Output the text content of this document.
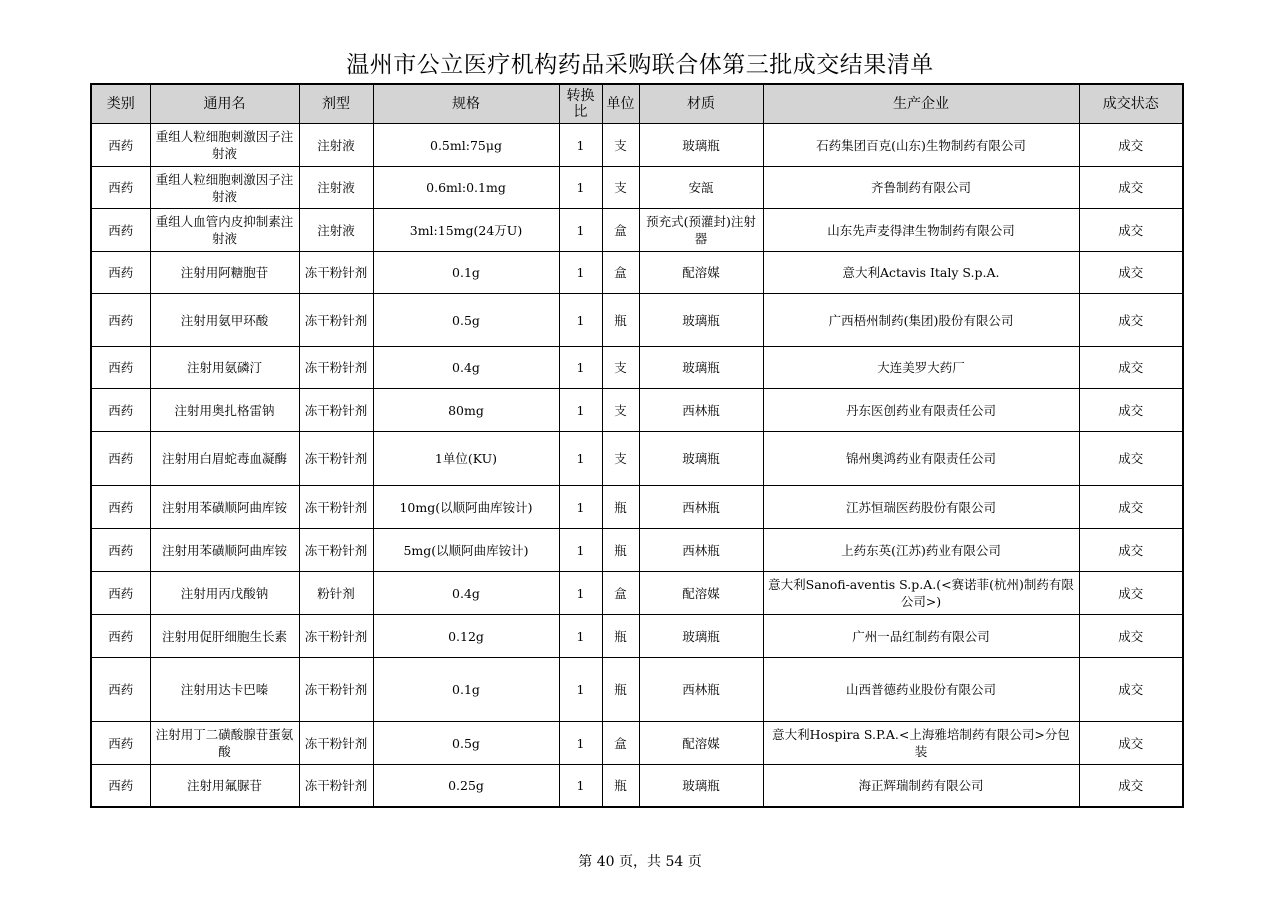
温州市公立医疗机构药品采购联合体第三批成交结果清单
类别	通用名	剂型	规格	转换比	单位	材质	生产企业	成交状态
西药	重组人粒细胞刺激因子注射液	注射液	0.5ml:75μg	1	支	玻璃瓶	石药集团百克(山东)生物制药有限公司	成交
西药	重组人粒细胞刺激因子注射液	注射液	0.6ml:0.1mg	1	支	安瓿	齐鲁制药有限公司	成交
西药	重组人血管内皮抑制素注射液	注射液	3ml:15mg(24万U)	1	盒	预充式(预灌封)注射器	山东先声麦得津生物制药有限公司	成交
西药	注射用阿糖胞苷	冻干粉针剂	0.1g	1	盒	配溶媒	意大利Actavis Italy S.p.A.	成交
西药	注射用氨甲环酸	冻干粉针剂	0.5g	1	瓶	玻璃瓶	广西梧州制药(集团)股份有限公司	成交
西药	注射用氨磷汀	冻干粉针剂	0.4g	1	支	玻璃瓶	大连美罗大药厂	成交
西药	注射用奥扎格雷钠	冻干粉针剂	80mg	1	支	西林瓶	丹东医创药业有限责任公司	成交
西药	注射用白眉蛇毒血凝酶	冻干粉针剂	1单位(KU)	1	支	玻璃瓶	锦州奥鸿药业有限责任公司	成交
西药	注射用苯磺顺阿曲库铵	冻干粉针剂	10mg(以顺阿曲库铵计)	1	瓶	西林瓶	江苏恒瑞医药股份有限公司	成交
西药	注射用苯磺顺阿曲库铵	冻干粉针剂	5mg(以顺阿曲库铵计)	1	瓶	西林瓶	上药东英(江苏)药业有限公司	成交
西药	注射用丙戊酸钠	粉针剂	0.4g	1	盒	配溶媒	意大利Sanofi-aventis S.p.A.(<赛诺菲(杭州)制药有限公司>)	成交
西药	注射用促肝细胞生长素	冻干粉针剂	0.12g	1	瓶	玻璃瓶	广州一品红制药有限公司	成交
西药	注射用达卡巴嗪	冻干粉针剂	0.1g	1	瓶	西林瓶	山西普德药业股份有限公司	成交
西药	注射用丁二磺酸腺苷蛋氨酸	冻干粉针剂	0.5g	1	盒	配溶媒	意大利Hospira S.P.A.<上海雅培制药有限公司>分包装	成交
西药	注射用氟脲苷	冻干粉针剂	0.25g	1	瓶	玻璃瓶	海正辉瑞制药有限公司	成交
第 40 页，共 54 页
